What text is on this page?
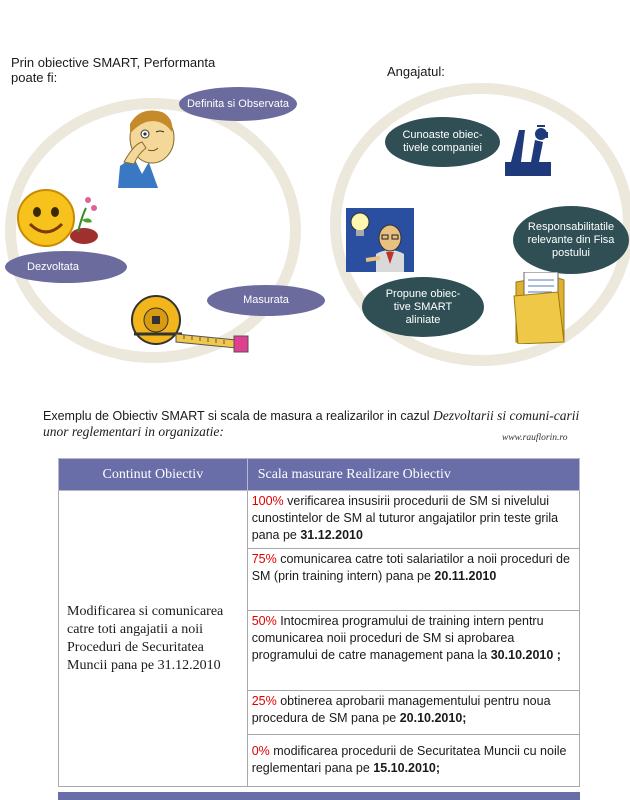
Prin obiective SMART, Performanta poate fi:
Definita si Observata
Dezvoltata
Masurata
Angajatul:
Cunoaste obiec-tivele companiei
Responsabilitatile relevante din Fisa postului
Propune obiec-tive SMART aliniate
Exemplu de Obiectiv SMART si scala de masura a realizarilor in cazul Dezvoltarii si comuni-carii unor reglementari in organizatie:	www.rauflorin.ro
Continut Obiectiv	Scala masurare Realizare Obiectiv
Modificarea si comunicarea catre toti angajatii a noii Proceduri de Securitatea Muncii pana pe 31.12.2010	100% verificarea insusirii procedurii de SM si nivelului cunostintelor de SM al tuturor angajatilor prin teste grila pana pe 31.12.2010
	75% comunicarea catre toti salariatilor a noii proceduri de SM (prin training intern) pana pe 20.11.2010
	50% Intocmirea programului de training intern pentru comunicarea noii proceduri de SM si aprobarea programului de catre management pana la 30.10.2010 ;
	25% obtinerea aprobarii managementului pentru noua procedura de SM pana pe 20.10.2010;
	0% modificarea procedurii de Securitatea Muncii cu noile reglementari pana pe 15.10.2010;
